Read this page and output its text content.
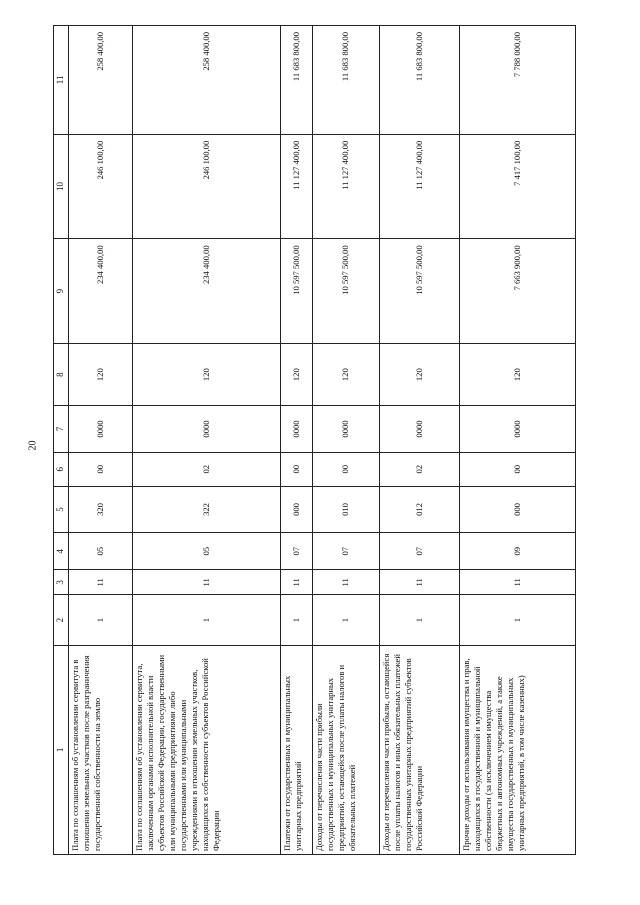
20
1	2	3	4	5	6	7	8	9	10	11
Плата по соглашениям об установлении сервитута в отношении земельных участков после разграничения государственной собственности на землю	1	11	05	320	00	0000	120	234 400,00	246 100,00	258 400,00
Плата по соглашениям об установлении сервитута, заключенным органами исполнительной власти субъектов Российской Федерации, государственными или муниципальными предприятиями либо государственными или муниципальными учреждениями в отношении земельных участков, находящихся в собственности субъектов Российской Федерации	1	11	05	322	02	0000	120	234 400,00	246 100,00	258 400,00
Платежи от государственных и муниципальных унитарных предприятий	1	11	07	000	00	0000	120	10 597 500,00	11 127 400,00	11 683 800,00
Доходы от перечисления части прибыли государственных и муниципальных унитарных предприятий, остающейся после уплаты налогов и обязательных платежей	1	11	07	010	00	0000	120	10 597 500,00	11 127 400,00	11 683 800,00
Доходы от перечисления части прибыли, остающейся после уплаты налогов и иных обязательных платежей государственных унитарных предприятий субъектов Российской Федерации	1	11	07	012	02	0000	120	10 597 500,00	11 127 400,00	11 683 800,00
Прочие доходы от использования имущества и прав, находящихся в государственной и муниципальной собственности (за исключением имущества бюджетных и автономных учреждений, а также имущества государственных и муниципальных унитарных предприятий, в том числе казенных)	1	11	09	000	00	0000	120	7 663 900,00	7 417 100,00	7 788 000,00
